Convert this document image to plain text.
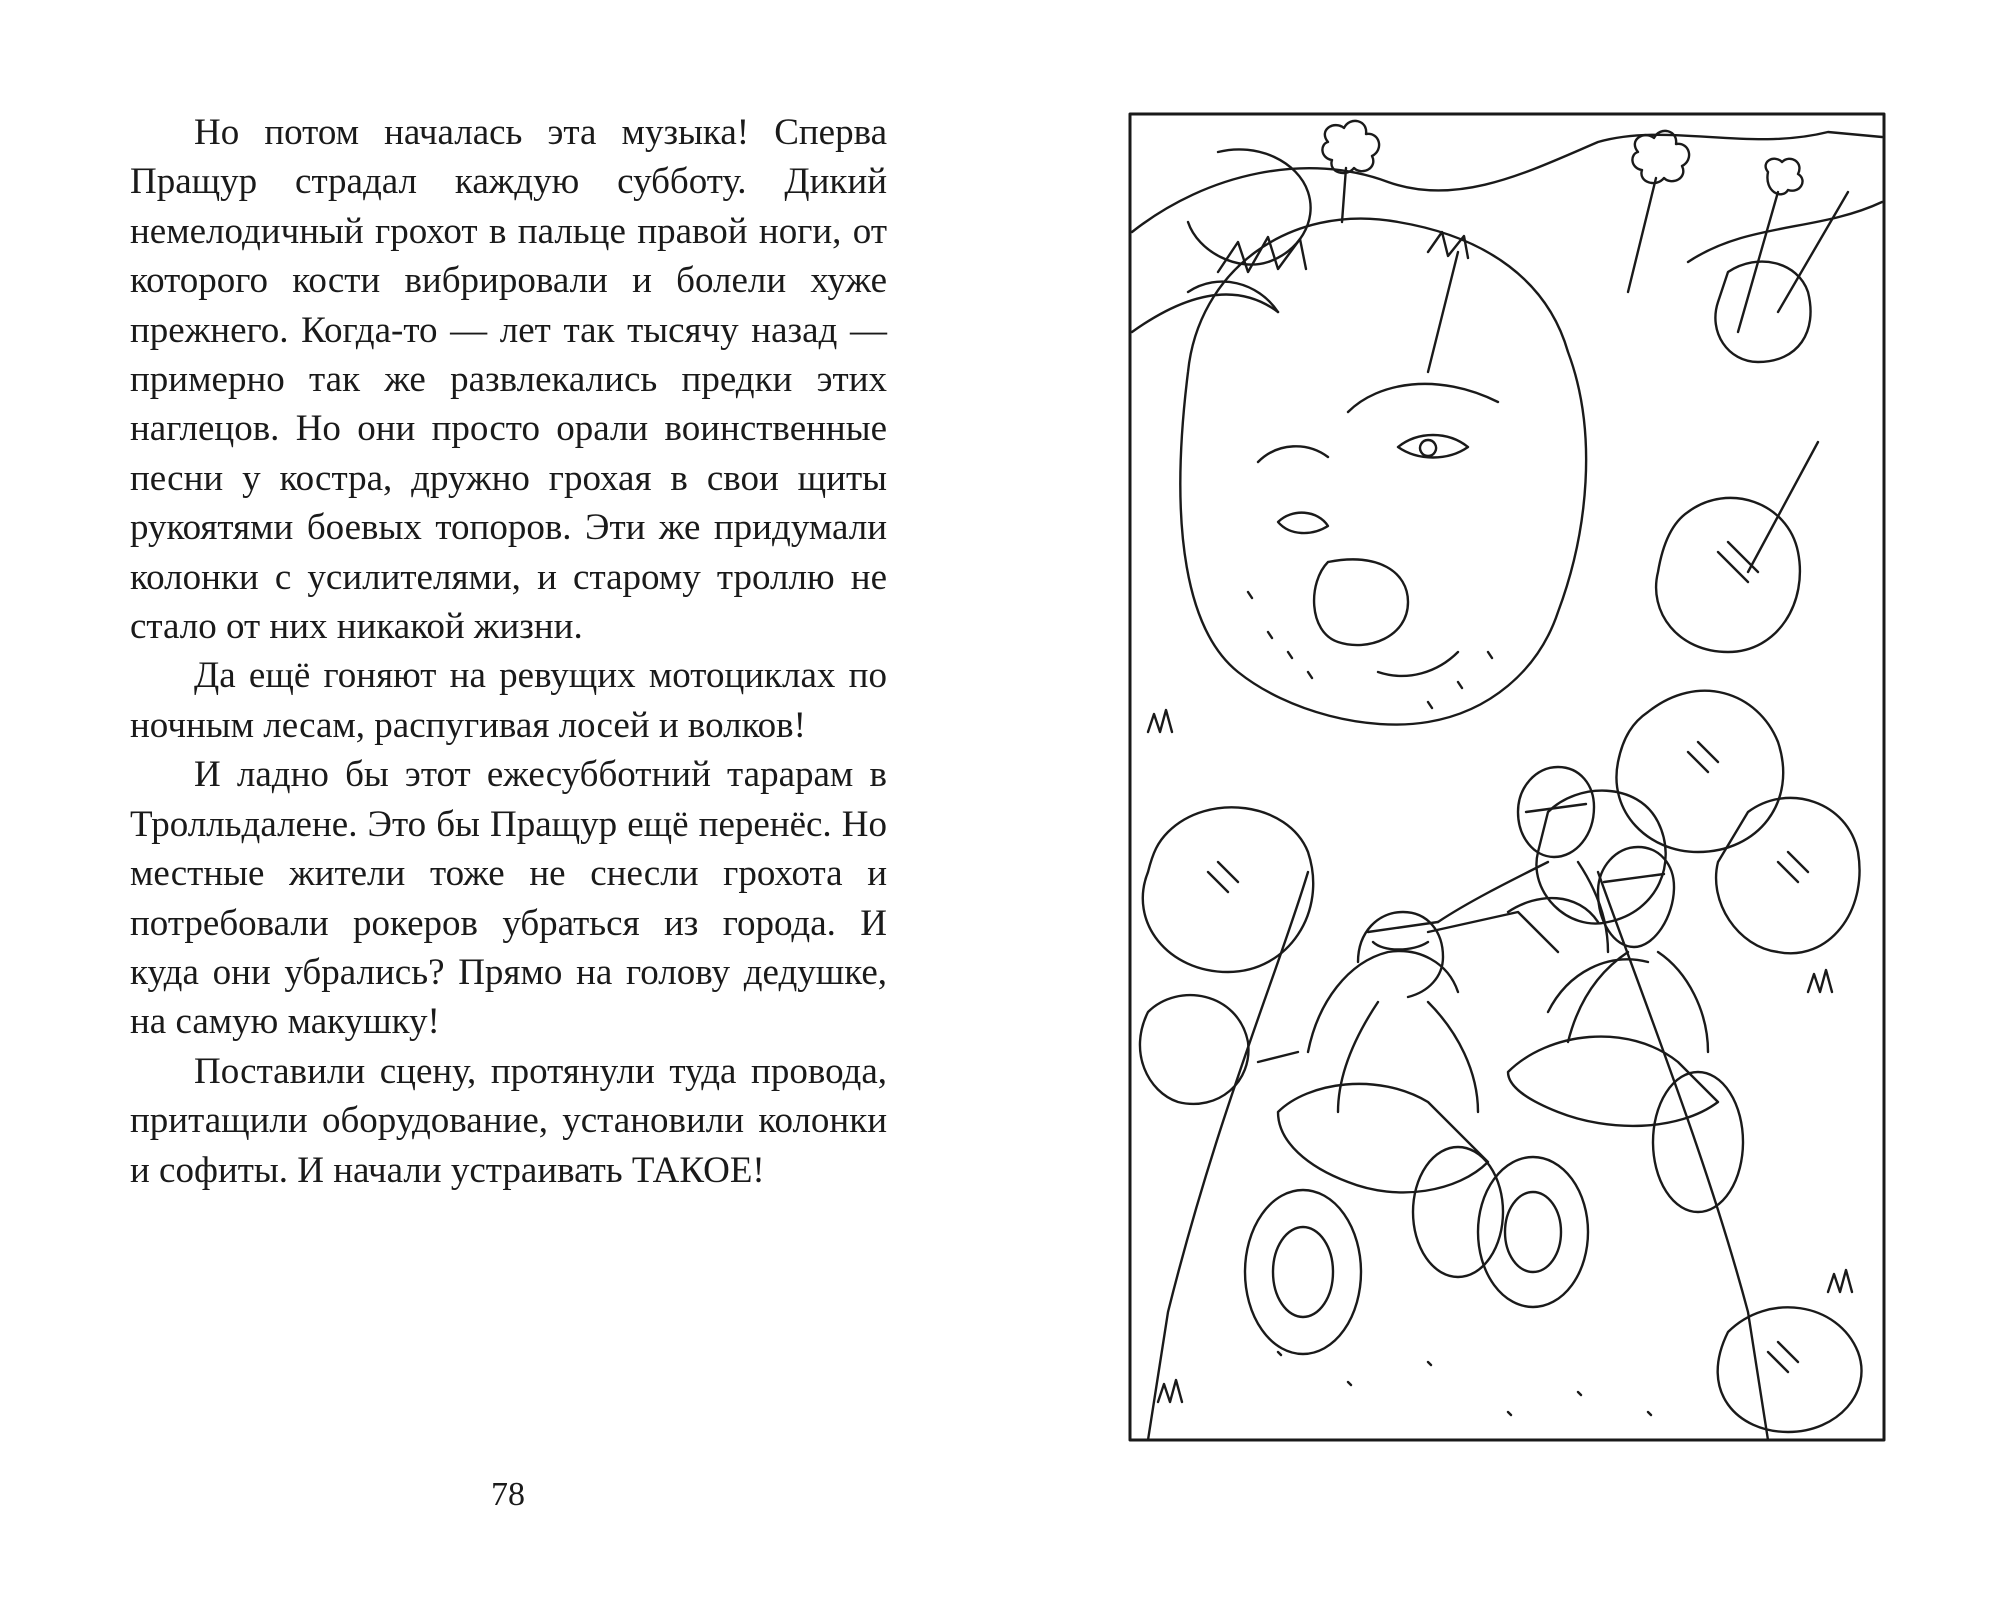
Но потом началась эта музыка! Сперва Пращур страдал каждую субботу. Дикий немелодичный грохот в пальце правой ноги, от которого кости вибрировали и болели хуже прежнего. Когда-то — лет так тысячу назад — примерно так же развлекались предки этих наглецов. Но они просто орали воинственные песни у костра, дружно грохая в свои щиты рукоятями боевых топоров. Эти же придумали колонки с усилителями, и старому троллю не стало от них никакой жизни.

Да ещё гоняют на ревущих мотоциклах по ночным лесам, распугивая лосей и волков!

И ладно бы этот ежесубботний тарарам в Тролльдалене. Это бы Пращур ещё перенёс. Но местные жители тоже не снесли грохота и потребовали рокеров убраться из города. И куда они убрались? Прямо на голову дедушке, на самую макушку!

Поставили сцену, протянули туда провода, притащили оборудование, установили колонки и софиты. И начали устраивать ТАКОЕ!

78
